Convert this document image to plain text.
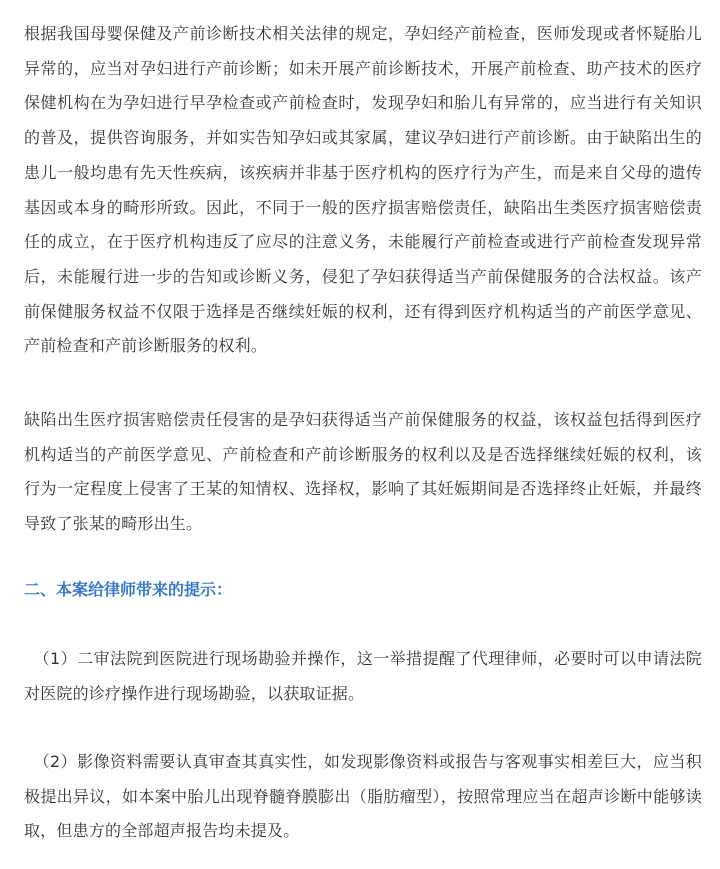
根据我国母婴保健及产前诊断技术相关法律的规定，孕妇经产前检查，医师发现或者怀疑胎儿异常的，应当对孕妇进行产前诊断；如未开展产前诊断技术，开展产前检查、助产技术的医疗保健机构在为孕妇进行早孕检查或产前检查时，发现孕妇和胎儿有异常的，应当进行有关知识的普及，提供咨询服务，并如实告知孕妇或其家属，建议孕妇进行产前诊断。由于缺陷出生的患儿一般均患有先天性疾病，该疾病并非基于医疗机构的医疗行为产生，而是来自父母的遗传基因或本身的畸形所致。因此，不同于一般的医疗损害赔偿责任，缺陷出生类医疗损害赔偿责任的成立，在于医疗机构违反了应尽的注意义务，未能履行产前检查或进行产前检查发现异常后，未能履行进一步的告知或诊断义务，侵犯了孕妇获得适当产前保健服务的合法权益。该产前保健服务权益不仅限于选择是否继续妊娠的权利，还有得到医疗机构适当的产前医学意见、产前检查和产前诊断服务的权利。

缺陷出生医疗损害赔偿责任侵害的是孕妇获得适当产前保健服务的权益，该权益包括得到医疗机构适当的产前医学意见、产前检查和产前诊断服务的权利以及是否选择继续妊娠的权利，该行为一定程度上侵害了王某的知情权、选择权，影响了其妊娠期间是否选择终止妊娠，并最终导致了张某的畸形出生。

二、本案给律师带来的提示：

（1）二审法院到医院进行现场勘验并操作，这一举措提醒了代理律师，必要时可以申请法院对医院的诊疗操作进行现场勘验，以获取证据。

（2）影像资料需要认真审查其真实性，如发现影像资料或报告与客观事实相差巨大，应当积极提出异议，如本案中胎儿出现脊髓脊膜膨出（脂肪瘤型），按照常理应当在超声诊断中能够读取，但患方的全部超声报告均未提及。
